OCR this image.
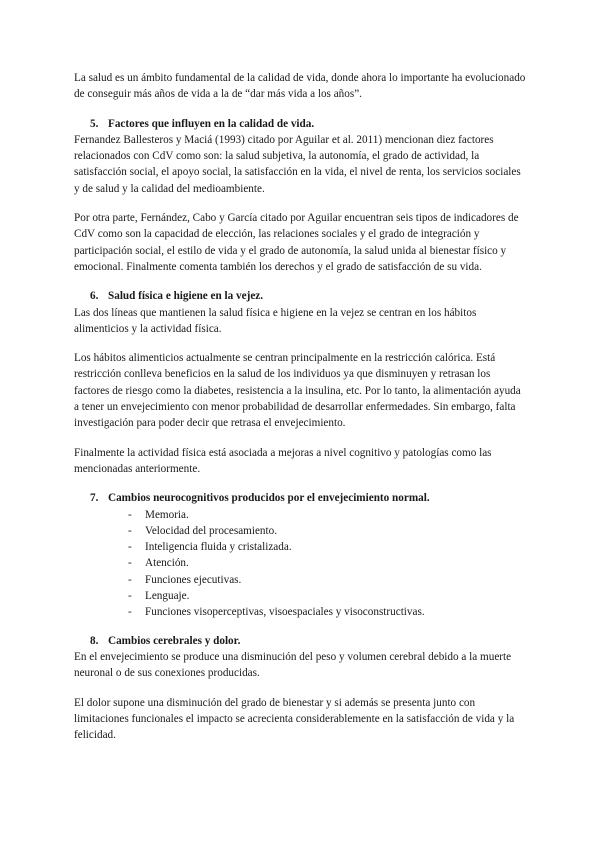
La salud es un ámbito fundamental de la calidad de vida, donde ahora lo importante ha evolucionado de conseguir más años de vida a la de “dar más vida a los años”.

5. Factores que influyen en la calidad de vida.

Fernandez Ballesteros y Maciá (1993) citado por Aguilar et al. 2011) mencionan diez factores relacionados con CdV como son: la salud subjetiva, la autonomía, el grado de actividad, la satisfacción social, el apoyo social, la satisfacción en la vida, el nivel de renta, los servicios sociales y de salud y la calidad del medioambiente.

Por otra parte, Fernández, Cabo y García citado por Aguilar encuentran seis tipos de indicadores de CdV como son la capacidad de elección, las relaciones sociales y el grado de integración y participación social, el estilo de vida y el grado de autonomía, la salud unida al bienestar físico y emocional. Finalmente comenta también los derechos y el grado de satisfacción de su vida.

6. Salud física e higiene en la vejez.

Las dos líneas que mantienen la salud física e higiene en la vejez se centran en los hábitos alimenticios y la actividad física.

Los hábitos alimenticios actualmente se centran principalmente en la restricción calórica. Está restricción conlleva beneficios en la salud de los individuos ya que disminuyen y retrasan los factores de riesgo como la diabetes, resistencia a la insulina, etc. Por lo tanto, la alimentación ayuda a tener un envejecimiento con menor probabilidad de desarrollar enfermedades. Sin embargo, falta investigación para poder decir que retrasa el envejecimiento.

Finalmente la actividad física está asociada a mejoras a nivel cognitivo y patologías como las mencionadas anteriormente.

7. Cambios neurocognitivos producidos por el envejecimiento normal.
-	Memoria.
-	Velocidad del procesamiento.
-	Inteligencia fluida y cristalizada.
-	Atención.
-	Funciones ejecutivas.
-	Lenguaje.
-	Funciones visoperceptivas, visoespaciales y visoconstructivas.
8. Cambios cerebrales y dolor.

En el envejecimiento se produce una disminución del peso y volumen cerebral debido a la muerte neuronal o de sus conexiones producidas.

El dolor supone una disminución del grado de bienestar y si además se presenta junto con limitaciones funcionales el impacto se acrecienta considerablemente en la satisfacción de vida y la felicidad.
